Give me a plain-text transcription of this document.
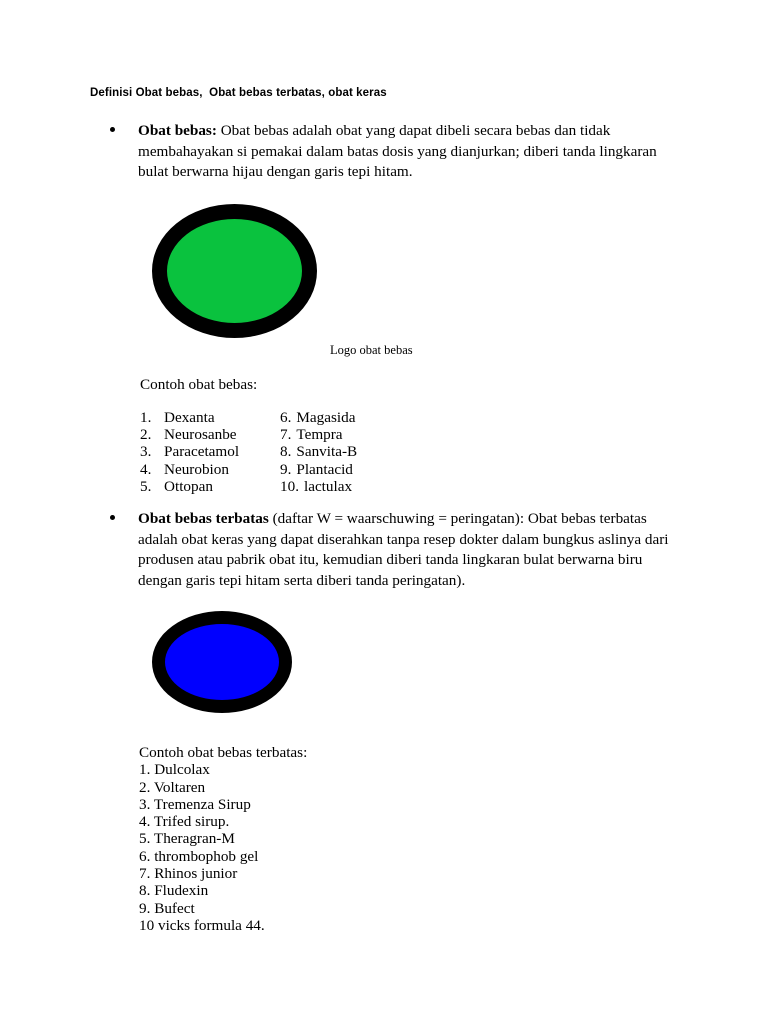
Definisi Obat bebas,  Obat bebas terbatas, obat keras
Obat bebas: Obat bebas adalah obat yang dapat dibeli secara bebas dan tidak membahayakan si pemakai dalam batas dosis yang dianjurkan; diberi tanda lingkaran bulat berwarna hijau dengan garis tepi hitam.
Logo obat bebas
Contoh obat bebas:
1. Dexanta	6. Magasida
2. Neurosanbe	7. Tempra
3. Paracetamol	8. Sanvita-B
4. Neurobion	9. Plantacid
5. Ottopan	10. lactulax
Obat bebas terbatas (daftar W = waarschuwing = peringatan): Obat bebas terbatas adalah obat keras yang dapat diserahkan tanpa resep dokter dalam bungkus aslinya dari produsen atau pabrik obat itu, kemudian diberi tanda lingkaran bulat berwarna biru dengan garis tepi hitam serta diberi tanda peringatan).
Contoh obat bebas terbatas:
1. Dulcolax
2. Voltaren
3. Tremenza Sirup
4. Trifed sirup.
5. Theragran-M
6. thrombophob gel
7. Rhinos junior
8. Fludexin
9. Bufect
10 vicks formula 44.
